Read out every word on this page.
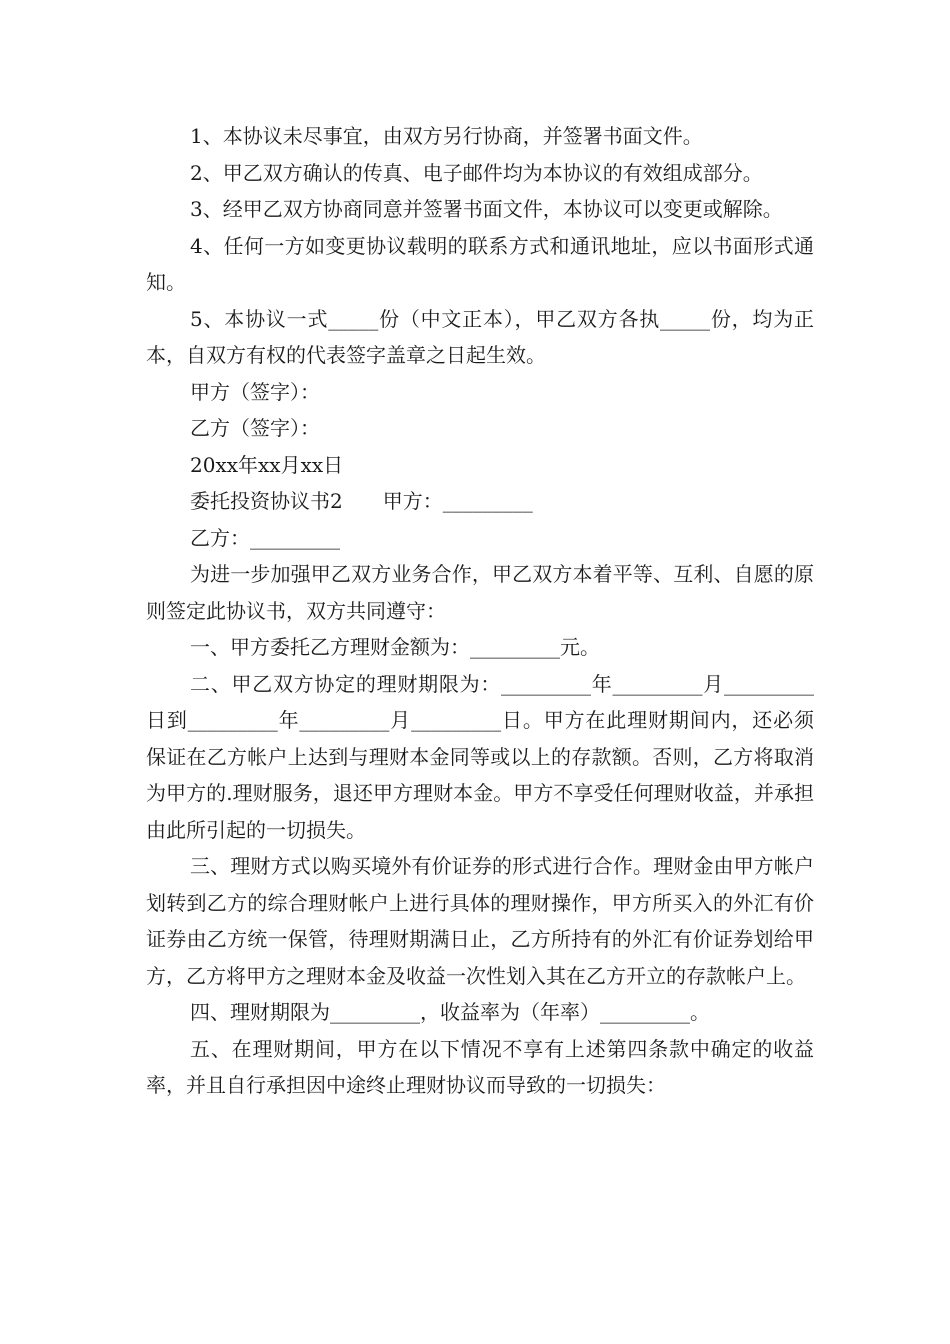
1、本协议未尽事宜，由双方另行协商，并签署书面文件。

2、甲乙双方确认的传真、电子邮件均为本协议的有效组成部分。

3、经甲乙双方协商同意并签署书面文件，本协议可以变更或解除。

4、任何一方如变更协议载明的联系方式和通讯地址，应以书面形式通知。

5、本协议一式_____份（中文正本），甲乙双方各执_____份，均为正本，自双方有权的代表签字盖章之日起生效。

甲方（签字）：

乙方（签字）：

20xx年xx月xx日

委托投资协议书2　　甲方：_________

乙方：_________

为进一步加强甲乙双方业务合作，甲乙双方本着平等、互利、自愿的原则签定此协议书，双方共同遵守：

一、甲方委托乙方理财金额为：_________元。

二、甲乙双方协定的理财期限为：_________年_________月_________日到_________年_________月_________日。甲方在此理财期间内，还必须保证在乙方帐户上达到与理财本金同等或以上的存款额。否则，乙方将取消为甲方的.理财服务，退还甲方理财本金。甲方不享受任何理财收益，并承担由此所引起的一切损失。

三、理财方式以购买境外有价证券的形式进行合作。理财金由甲方帐户划转到乙方的综合理财帐户上进行具体的理财操作，甲方所买入的外汇有价证券由乙方统一保管，待理财期满日止，乙方所持有的外汇有价证券划给甲方，乙方将甲方之理财本金及收益一次性划入其在乙方开立的存款帐户上。

四、理财期限为_________，收益率为（年率）_________。

五、在理财期间，甲方在以下情况不享有上述第四条款中确定的收益率，并且自行承担因中途终止理财协议而导致的一切损失：
